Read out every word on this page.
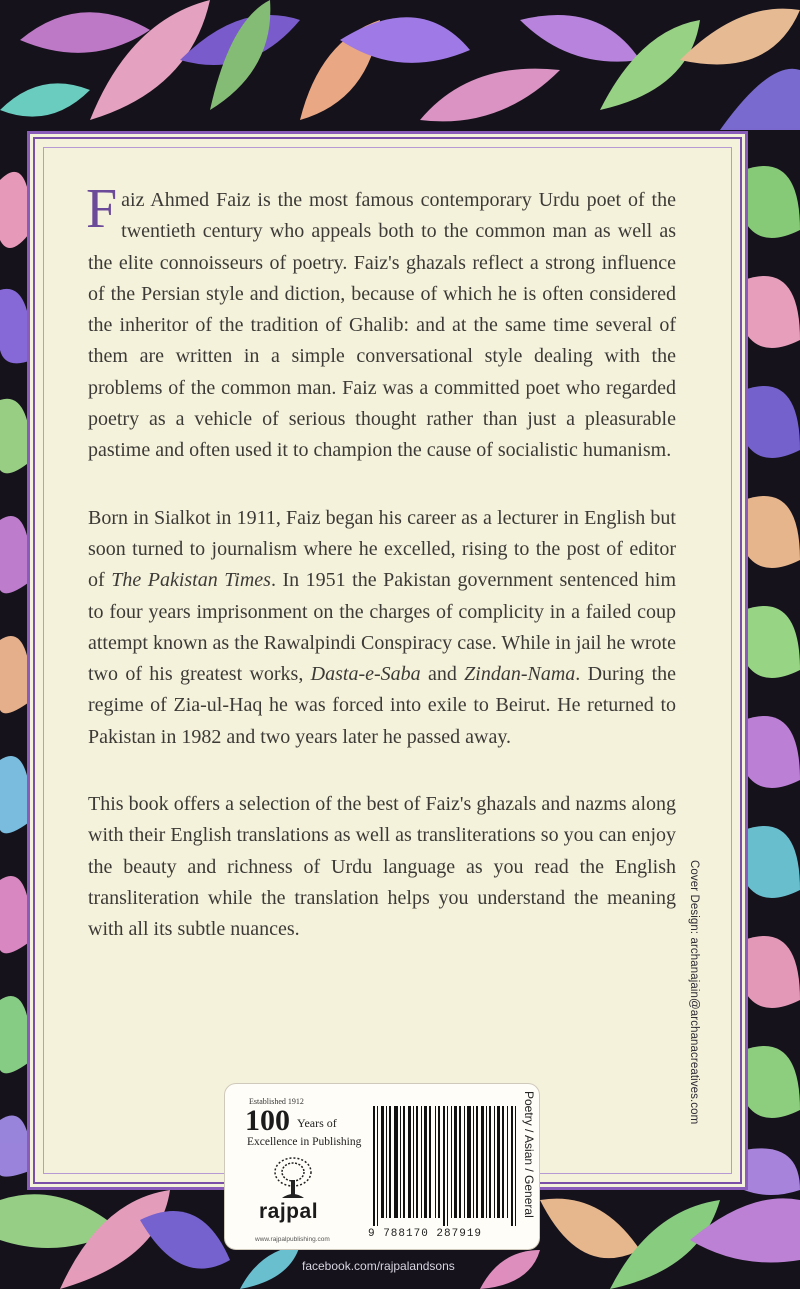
Faiz Ahmed Faiz is the most famous contemporary Urdu poet of the twentieth century who appeals both to the common man as well as the elite connoisseurs of poetry. Faiz's ghazals reflect a strong influence of the Persian style and diction, because of which he is often considered the inheritor of the tradition of Ghalib: and at the same time several of them are written in a simple conversational style dealing with the problems of the common man. Faiz was a committed poet who regarded poetry as a vehicle of serious thought rather than just a pleasurable pastime and often used it to champion the cause of socialistic humanism.

Born in Sialkot in 1911, Faiz began his career as a lecturer in English but soon turned to journalism where he excelled, rising to the post of editor of The Pakistan Times. In 1951 the Pakistan government sentenced him to four years imprisonment on the charges of complicity in a failed coup attempt known as the Rawalpindi Conspiracy case. While in jail he wrote two of his greatest works, Dasta-e-Saba and Zindan-Nama. During the regime of Zia-ul-Haq he was forced into exile to Beirut. He returned to Pakistan in 1982 and two years later he passed away.

This book offers a selection of the best of Faiz's ghazals and nazms along with their English translations as well as transliterations so you can enjoy the beauty and richness of Urdu language as you read the English transliteration while the translation helps you understand the meaning with all its subtle nuances.	Cover Design: archanajain@archanacreatives.com
Established 1912
100 Years of
Excellence in Publishing
rajpal
www.rajpalpublishing.com	9 788170 287919
Poetry / Asian / General
facebook.com/rajpalandsons
